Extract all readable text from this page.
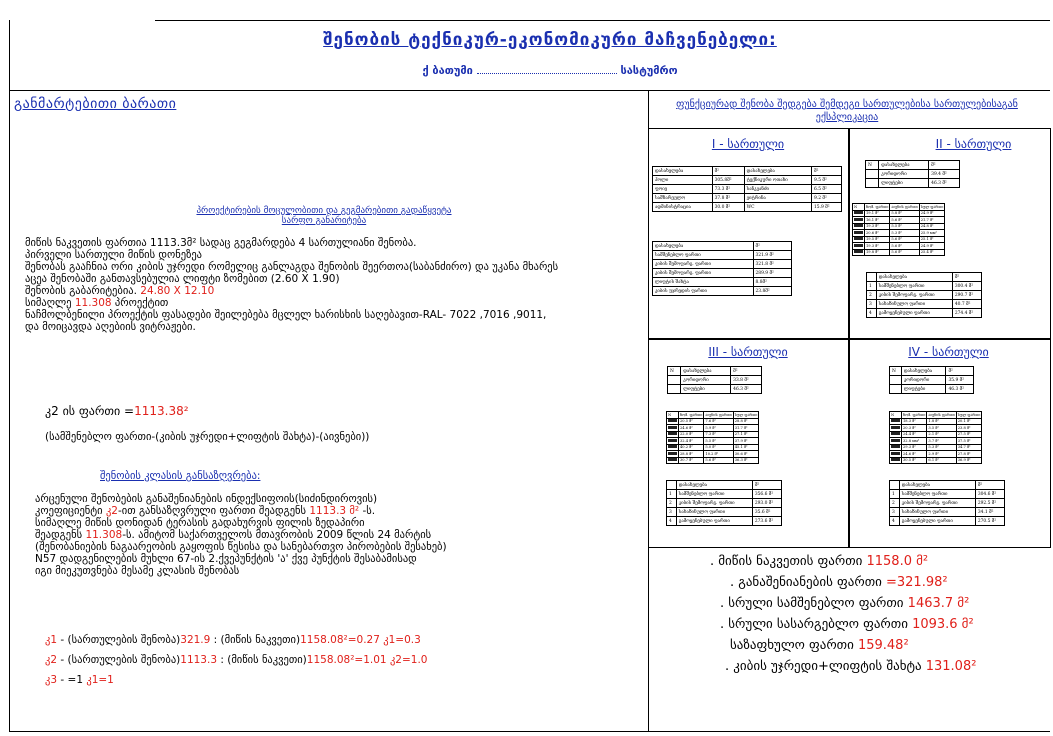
შენობის ტექნიკურ-ეკონომიკური მაჩვენებელი:
ქ ბათუმი	სასტუმრო
განმარტებითი ბარათი
პროექტირების მოცულობითი და გეგმარებითი გადაწყვეტა
სარფო განარიტება
მიწის ნაკვეთის ფართია 1113.3მ² სადაც გეგმარდება 4 სართულიანი შენობა.
პირველი სართული მიწის დონეზეა
შენობას გააჩნია ორი კიბის უჯრედი რომელიც განლაგდა შენობის შეერთოა(საბანძირო) და უკანა მხარეს
აცეა შენობაში განთავსებულია ლიფტი ზომებით (2.60 X 1.90)
შენობის გაბარიტებია. 24.80 X 12.10
სიმაღლე 11.308 პროექტით
ნაჩმოლბენილი პროექტის ფასადები შეილებება მცლელ ხარისხის საღებავით-RAL- 7022 ,7016 ,9011,
და მოიცავდა აღებიის ვიტრაჟები.
კ2 ის ფართი =1113.38²
(სამშენებლო ფართი-(კიბის უჯრედი+ლიფტის შახტა)-(აივნები))
შენობის კლასის განსაზღვრება:
არცენული შენობების განაშენიანების ინდექსიფოის(სიძინდიროვის)
კოეფიციენტი კ2-ით განსაზღვრული ფართი შეადგენს 1113.3 მ² -ს.
სიმაღლე მიწის დონიდან ტერასის გადახურვის ფილის ზედაპირი
შეადგენს 11.308-ს. ამიტომ საქართველოს მთავრობის 2009 წლის 24 მარტის
(შენობანიების ნაგაარეობის გაყოფის წესისა და სანებართვო პირობების შესახებ)
N57 დადგენილების მუხლი 67-ის 2.ქვეპუნქტის 'ა' ქვე პუნქტის შესაბამისად
იგი მიეკუთვნება მესამე კლასის შენობას
კ1 - (სართულების შენობა)321.9 : (მიწის ნაკვეთი)1158.08²=0.27 კ1=0.3
კ2 - (სართულების შენობა)1113.3 : (მიწის ნაკვეთი)1158.08²=1.01 კ2=1.0
კ3 - =1 კ1=1
ფუნქციურად შენობა შედგება შემდეგი სართულებისა სართულებისაგან
ექსპლიკაცია
I - სართული	II - სართული
III - სართული	IV - სართული
დასახელება	მ²	დასახელება	მ²
ჰოლი	305.8მ²	ტექნიკური ოთახი	9.5 მ²
ფოიე	73.3 მ²	სანკვანძი	6.5 მ²
სამზარეულო	37.8 მ²	ვიტრინა	9.2 მ²
ადმინისტრაცია	30.0 მ²	WC	15.9 მ²
დასახელება	მ²
სამშენებლო ფართი	321.9 მ²
კიბის შემოფარგ. ფართი	321.8 მ²
კიბის შემოფარგ. ფართი	289.9 მ²
ლიფტის შახტა	8.8მ²
კიბის უჯრედის ფართი	23.8მ²
N	დასახელება	მ²
	კორიდორი	39.4 მ²
	ლიფტები	46.3 მ²
N	ნომ. ფართი	აივნის ფართი	სულ ფართი
	19.1 მ²	5.8 მ²	24.9 მ²
	16.1 მ²	5.6 მ²	21.7 მ²
	19.3 მ²	5.5 მ²	24.8 მ²
	20.6 მ²	5.3 მ²	25.9 мм²
	19.5 მ²	5.6 მ²	25.1 მ²
	19.3 მ²	5.6 მ²	24.9 მ²
	19.8 მ²	5.6 მ²	25.4 მ²
	დასახელება	მ²
1	სამშენებლო ფართი	300.4 მ²
2	კიბის შემოფარგ. ფართი	290.7 მ²
3	სახაზინულო ფართი	40.7 მ²
4	გამოყენებული ფართი	274.4 მ²
N	დასახელება	მ²
	კორიდორი	33.8 მ²
	ლიფტები	46.3 მ²
N	ნომ. ფართი	აივნის ფართი	სულ ფართი
	20.5 მ²	7.6 მ²	28.8 მ²
	24.6 მ²	5.9 მ²	31.7 მ²
	22.0 მ²	7.3 მ²	27.1 მ²
	32.4 მ²	5.5 მ²	37.9 მ²
	40.2 მ²	5.0 მ²	45.1 მ²
	28.8 მ²	10.2 მ²	30.6 მ²
	30.7 მ²	5.6 მ²	36.3 მ²
	დასახელება	მ²
1	სამშენებლო ფართი	356.6 მ²
2	კიბის შემოფარგ. ფართი	293.0 მ²
3	სახაზინულო ფართი	35.6 მ²
4	გამოყენებული ფართი	273.6 მ²
N	დასახელება	მ²
	კორიდორი	35.9 მ²
	ლიფტები	46.3 მ²
N	ნომ. ფართი	აივნის ფართი	სულ ფართი
	18.3 მ²	1.8 მ²	20.1 მ²
	20.3 მ²	3.5 მ²	23.8 მ²
	24.4 მ²	2.1 მ²	27.5 მ²
	32.8 мм²	3.7 მ²	37.5 მ²
	29.3 მ²	5.3 მ²	34.7 მ²
	24.6 მ²	2.9 მ²	27.8 მ²
	30.5 მ²	6.1 მ²	36.9 მ²
	დასახელება	მ²
1	სამშენებლო ფართი	304.6 მ²
2	კიბის შემოფარგ. ფართი	292.5 მ²
3	სახაზინულო ფართი	34.1 მ²
4	გამოყენებული ფართი	270.5 მ²
. მიწის ნაკვეთის ფართი 1158.0 მ²
. განაშენიანების ფართი =321.98²
. სრული სამშენებლო ფართი 1463.7 მ²
. სრული სასარგებლო ფართი 1093.6 მ²
საზაფხულო ფართი 159.48²
. კიბის უჯრედი+ლიფტის შახტა 131.08²
